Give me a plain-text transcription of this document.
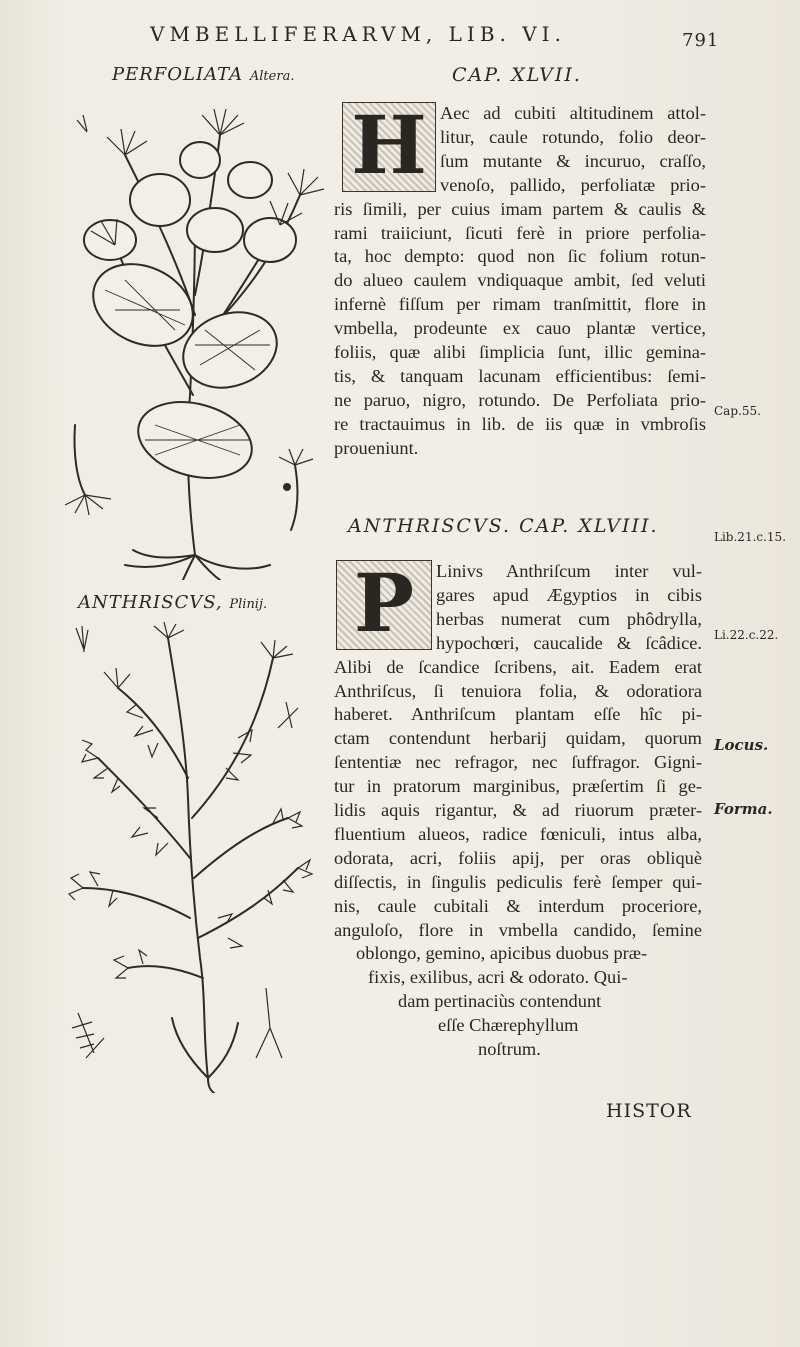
VMBELLIFERARVM, LIB. VI.	791
PERFOLIATA Altera.	CAP. XLVII.
H Aec ad cubiti altitudinem attol-
litur, caule rotundo, folio deor-
ſum mutante & incuruo, craſſo,
venoſo, pallido, perfoliatæ prio-
ris ſimili, per cuius imam partem & caulis &
rami traiiciunt, ſicuti ferè in priore perfolia-
ta, hoc dempto: quod non ſic folium rotun-
do alueo caulem vndiquaque ambit, ſed veluti
infernè fiſſum per rimam tranſmittit, flore in
vmbella, prodeunte ex cauo plantæ vertice,
foliis, quæ alibi ſimplicia ſunt, illic gemina-
tis, & tanquam lacunam efficientibus: ſemi-
ne paruo, nigro, rotundo. De Perfoliata prio-
re tractauimus in lib. de iis quæ in vmbroſis
proueniunt.
ANTHRISCVS. CAP. XLVIII.
ANTHRISCVS, Plinij. P	Linivs Anthriſcum inter vul-
gares apud Ægyptios in cibis
herbas numerat cum phôdrylla,
hypochœri, caucalide & ſcâdice.
Alibi de ſcandice ſcribens, ait. Eadem erat
Anthriſcus, ſi tenuiora folia, & odoratiora
haberet. Anthriſcum plantam eſſe hîc pi-
ctam contendunt herbarij quidam, quorum
ſententiæ nec refragor, nec ſuffragor. Gigni-
tur in pratorum marginibus, præſertim ſi ge-
lidis aquis rigantur, & ad riuorum præter-
fluentium alueos, radice fœniculi, intus alba,
odorata, acri, foliis apij, per oras obliquè
diſſectis, in ſingulis pediculis ferè ſemper qui-
nis, caule cubitali & interdum proceriore,
anguloſo, flore in vmbella candido, ſemine
oblongo, gemino, apicibus duobus præ-
fixis, exilibus, acri & odorato. Qui-
dam pertinaciùs contendunt
eſſe Chærephyllum
noſtrum.
Cap.55.
Lib.21.c.15.
Li.22.c.22.
Locus.
Forma.
HISTOR
